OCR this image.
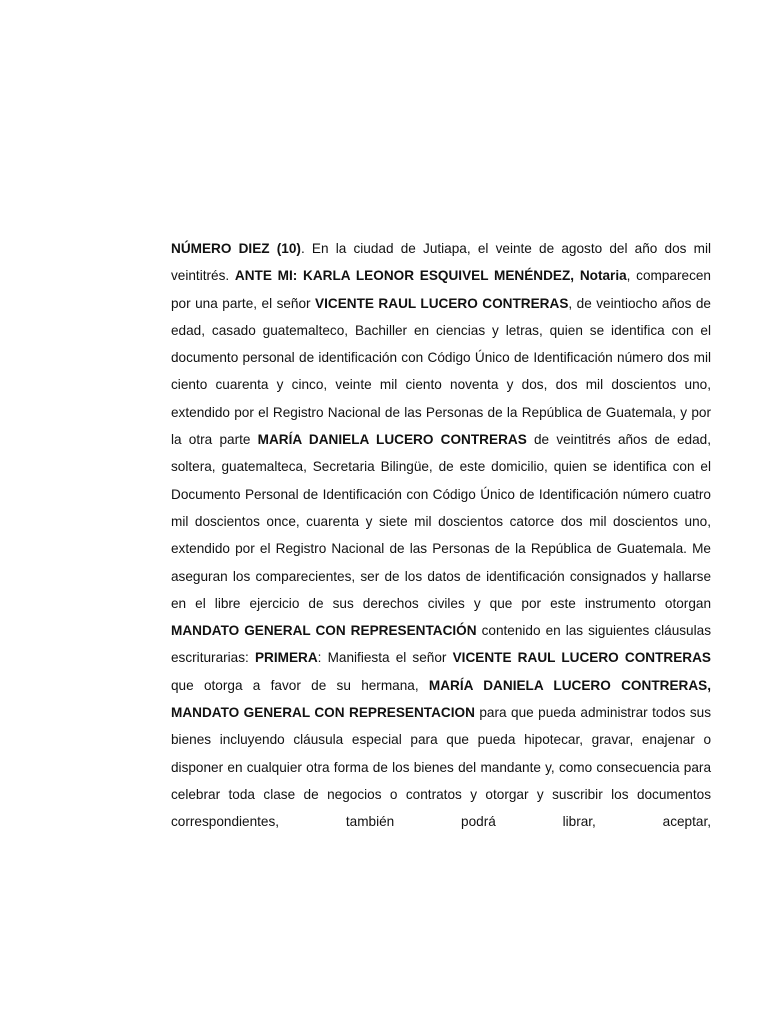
NÚMERO DIEZ (10). En la ciudad de Jutiapa, el veinte de agosto del año dos mil veintitrés. ANTE MI: KARLA LEONOR ESQUIVEL MENÉNDEZ, Notaria, comparecen por una parte, el señor VICENTE RAUL LUCERO CONTRERAS, de veintiocho años de edad, casado guatemalteco, Bachiller en ciencias y letras, quien se identifica con el documento personal de identificación con Código Único de Identificación número dos mil ciento cuarenta y cinco, veinte mil ciento noventa y dos, dos mil doscientos uno, extendido por el Registro Nacional de las Personas de la República de Guatemala, y por la otra parte MARÍA DANIELA LUCERO CONTRERAS de veintitrés años de edad, soltera, guatemalteca, Secretaria Bilingüe, de este domicilio, quien se identifica con el Documento Personal de Identificación con Código Único de Identificación número cuatro mil doscientos once, cuarenta y siete mil doscientos catorce dos mil doscientos uno, extendido por el Registro Nacional de las Personas de la República de Guatemala. Me aseguran los comparecientes, ser de los datos de identificación consignados y hallarse en el libre ejercicio de sus derechos civiles y que por este instrumento otorgan MANDATO GENERAL CON REPRESENTACIÓN contenido en las siguientes cláusulas escriturarias: PRIMERA: Manifiesta el señor VICENTE RAUL LUCERO CONTRERAS que otorga a favor de su hermana, MARÍA DANIELA LUCERO CONTRERAS, MANDATO GENERAL CON REPRESENTACION para que pueda administrar todos sus bienes incluyendo cláusula especial para que pueda hipotecar, gravar, enajenar o disponer en cualquier otra forma de los bienes del mandante y, como consecuencia para celebrar toda clase de negocios o contratos y otorgar y suscribir los documentos correspondientes, también podrá librar, aceptar,
